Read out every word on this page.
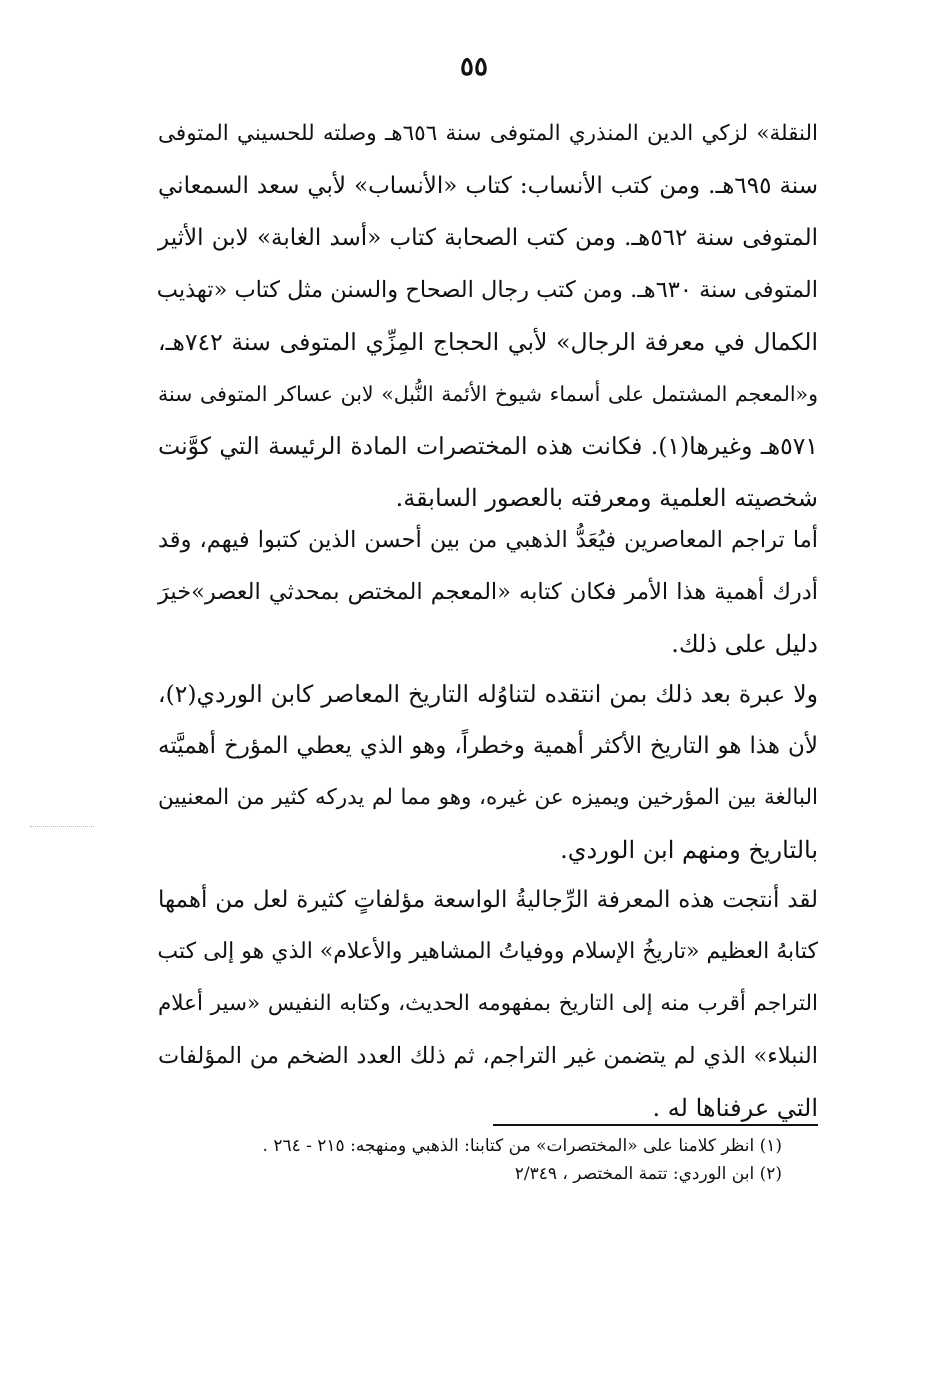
٥٥
النقلة» لزكي الدين المنذري المتوفى سنة ٦٥٦هـ وصلته للحسيني المتوفى
سنة ٦٩٥هـ. ومن كتب الأنساب: كتاب «الأنساب» لأبي سعد السمعاني
المتوفى سنة ٥٦٢هـ. ومن كتب الصحابة كتاب «أسد الغابة» لابن الأثير
المتوفى سنة ٦٣٠هـ. ومن كتب رجال الصحاح والسنن مثل كتاب «تهذيب
الكمال في معرفة الرجال» لأبي الحجاج المِزِّي المتوفى سنة ٧٤٢هـ،
و«المعجم المشتمل على أسماء شيوخ الأئمة النُّبل» لابن عساكر المتوفى سنة
٥٧١هـ وغيرها(١). فكانت هذه المختصرات المادة الرئيسة التي كوَّنت
شخصيته العلمية ومعرفته بالعصور السابقة.
أما تراجم المعاصرين فيُعَدُّ الذهبي من بين أحسن الذين كتبوا فيهم، وقد
أدرك أهمية هذا الأمر فكان كتابه «المعجم المختص بمحدثي العصر»خيرَ
دليل على ذلك.
ولا عبرة بعد ذلك بمن انتقده لتناوُله التاريخ المعاصر كابن الوردي(٢)،
لأن هذا هو التاريخ الأكثر أهمية وخطراً، وهو الذي يعطي المؤرخ أهميَّته
البالغة بين المؤرخين ويميزه عن غيره، وهو مما لم يدركه كثير من المعنيين
بالتاريخ ومنهم ابن الوردي.
لقد أنتجت هذه المعرفة الرِّجاليةُ الواسعة مؤلفاتٍ كثيرة لعل من أهمها
كتابهُ العظيم «تاريخُ الإسلام ووفياتُ المشاهير والأعلام» الذي هو إلى كتب
التراجم أقرب منه إلى التاريخ بمفهومه الحديث، وكتابه النفيس «سير أعلام
النبلاء» الذي لم يتضمن غير التراجم، ثم ذلك العدد الضخم من المؤلفات
التي عرفناها له .
(١) انظر كلامنا على «المختصرات» من كتابنا: الذهبي ومنهجه: ٢١٥ - ٢٦٤ .
(٢) ابن الوردي: تتمة المختصر ، ٢/٣٤٩
